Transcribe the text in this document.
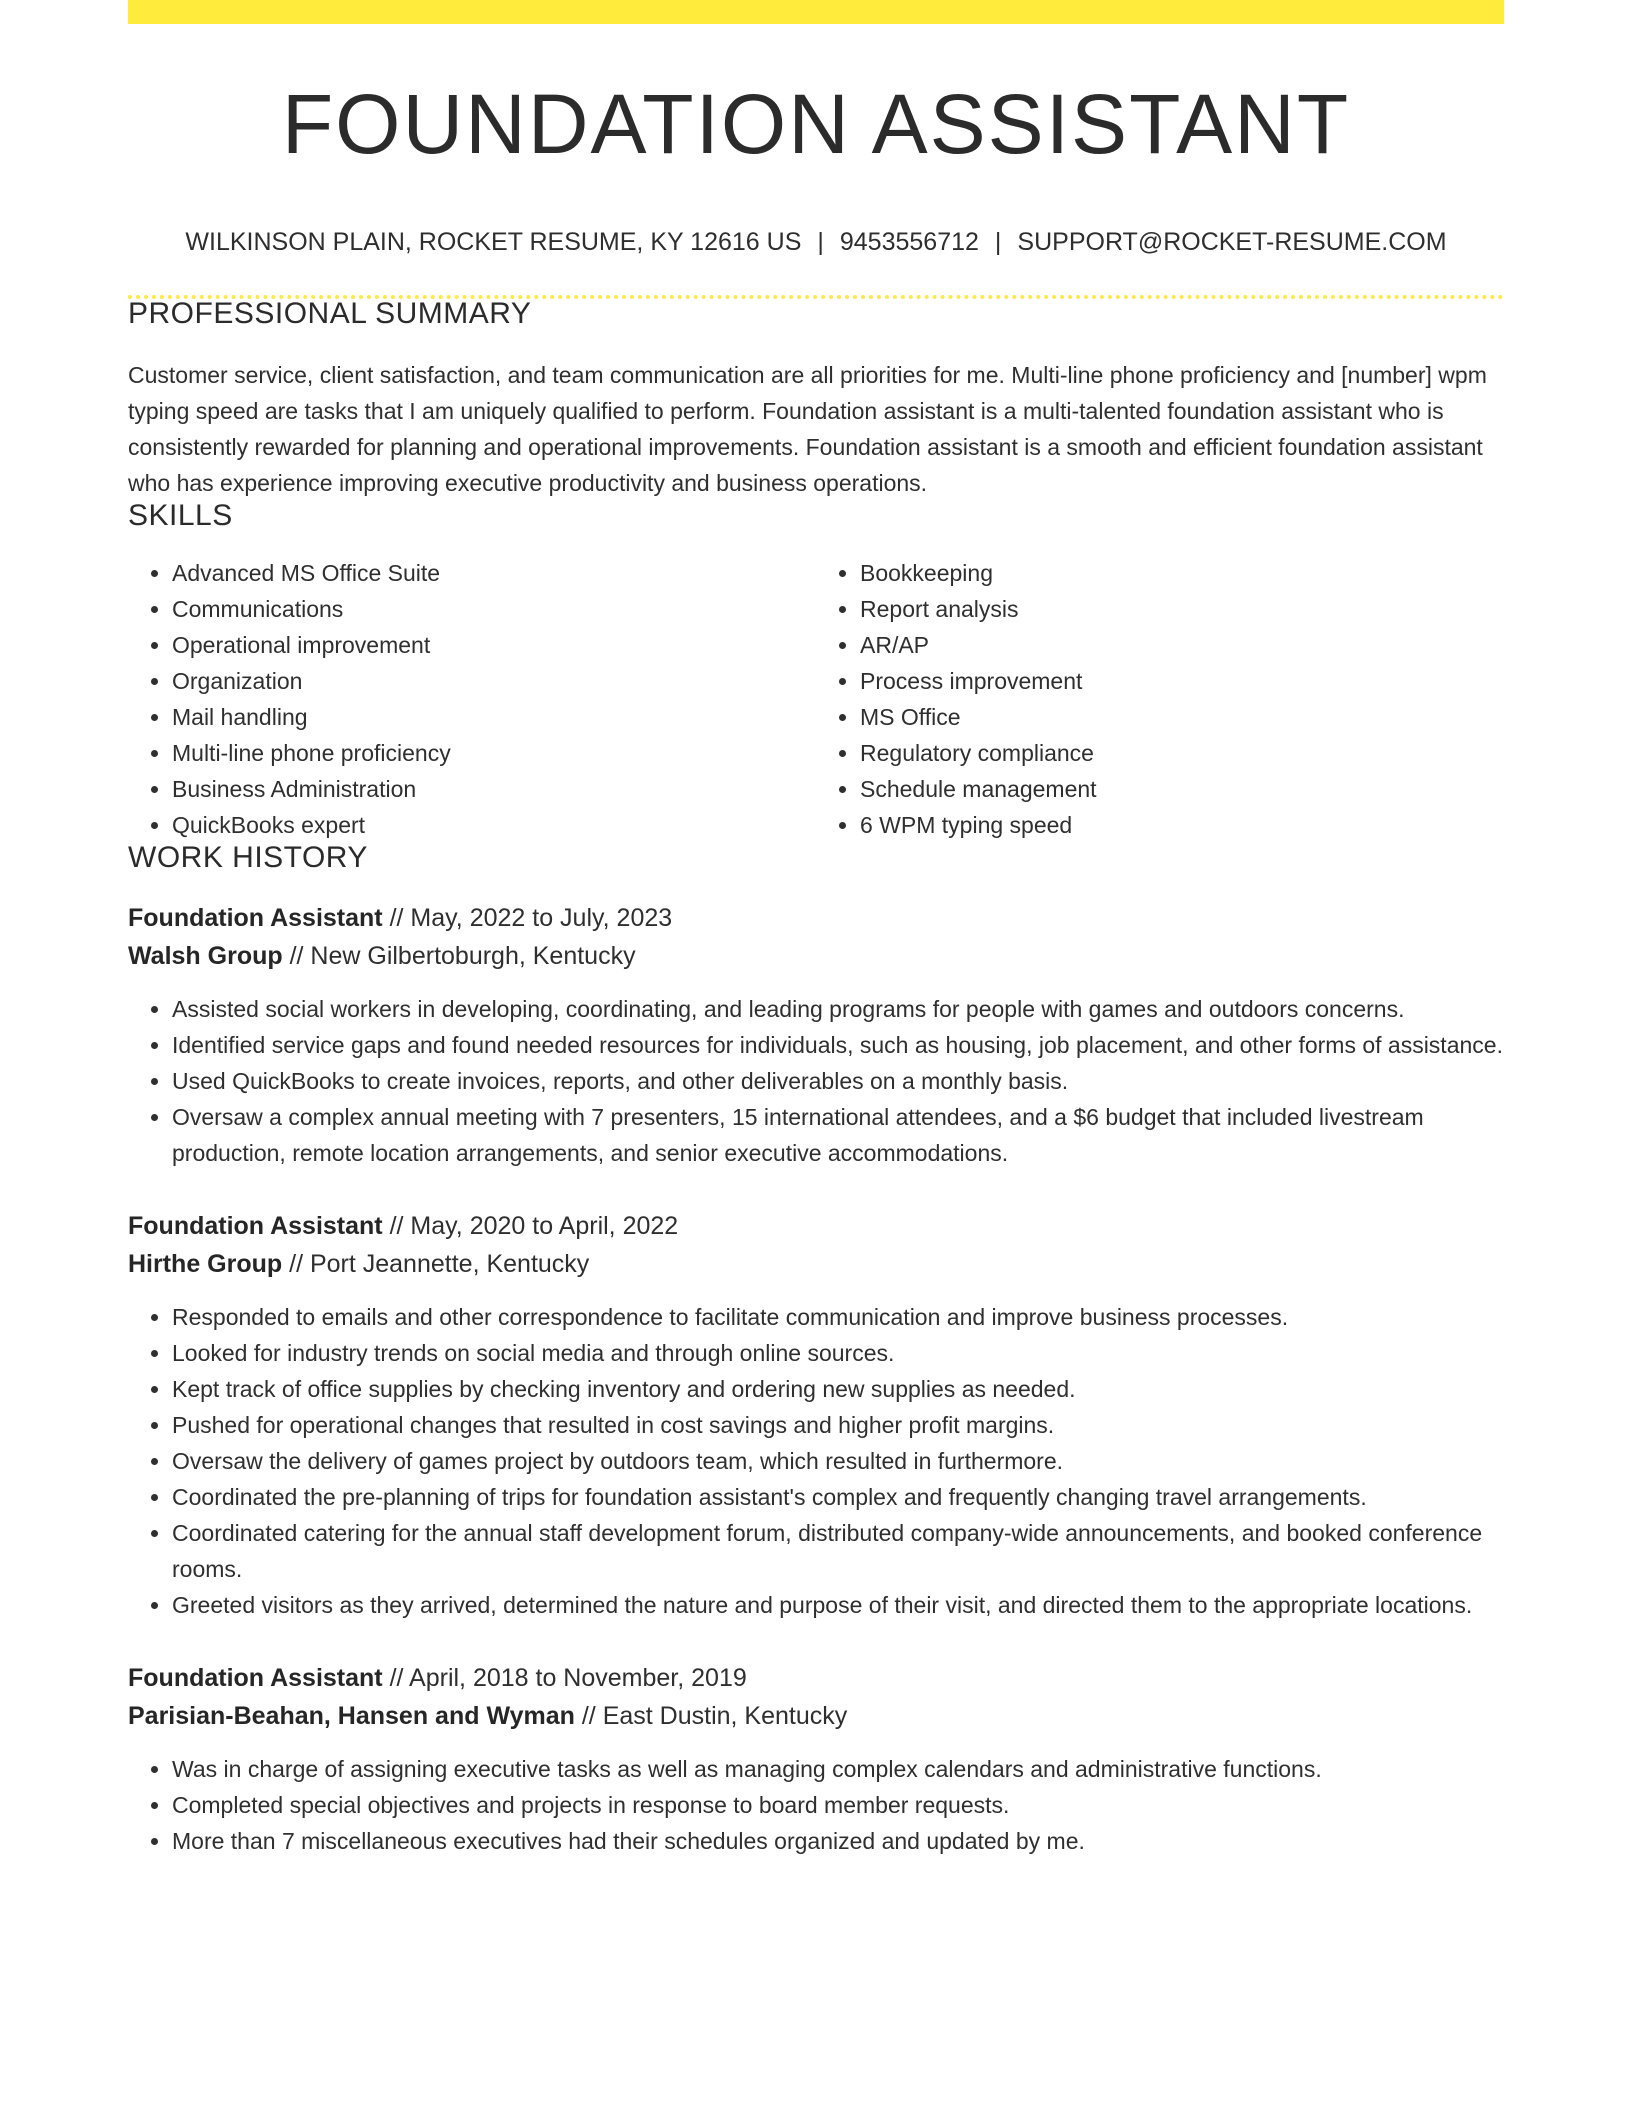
FOUNDATION ASSISTANT
WILKINSON PLAIN, ROCKET RESUME, KY 12616 US | 9453556712 | SUPPORT@ROCKET-RESUME.COM
PROFESSIONAL SUMMARY

Customer service, client satisfaction, and team communication are all priorities for me. Multi-line phone proficiency and [number] wpm typing speed are tasks that I am uniquely qualified to perform. Foundation assistant is a multi-talented foundation assistant who is consistently rewarded for planning and operational improvements. Foundation assistant is a smooth and efficient foundation assistant who has experience improving executive productivity and business operations.

SKILLS
• Advanced MS Office Suite
• Communications
• Operational improvement
• Organization
• Mail handling
• Multi-line phone proficiency
• Business Administration
• QuickBooks expert
• Bookkeeping
• Report analysis
• AR/AP
• Process improvement
• MS Office
• Regulatory compliance
• Schedule management
• 6 WPM typing speed
WORK HISTORY
Foundation Assistant // May, 2022 to July, 2023
Walsh Group // New Gilbertoburgh, Kentucky
• Assisted social workers in developing, coordinating, and leading programs for people with games and outdoors concerns.
• Identified service gaps and found needed resources for individuals, such as housing, job placement, and other forms of assistance.
• Used QuickBooks to create invoices, reports, and other deliverables on a monthly basis.
• Oversaw a complex annual meeting with 7 presenters, 15 international attendees, and a $6 budget that included livestream production, remote location arrangements, and senior executive accommodations.
Foundation Assistant // May, 2020 to April, 2022
Hirthe Group // Port Jeannette, Kentucky
• Responded to emails and other correspondence to facilitate communication and improve business processes.
• Looked for industry trends on social media and through online sources.
• Kept track of office supplies by checking inventory and ordering new supplies as needed.
• Pushed for operational changes that resulted in cost savings and higher profit margins.
• Oversaw the delivery of games project by outdoors team, which resulted in furthermore.
• Coordinated the pre-planning of trips for foundation assistant's complex and frequently changing travel arrangements.
• Coordinated catering for the annual staff development forum, distributed company-wide announcements, and booked conference rooms.
• Greeted visitors as they arrived, determined the nature and purpose of their visit, and directed them to the appropriate locations.
Foundation Assistant // April, 2018 to November, 2019
Parisian-Beahan, Hansen and Wyman // East Dustin, Kentucky
• Was in charge of assigning executive tasks as well as managing complex calendars and administrative functions.
• Completed special objectives and projects in response to board member requests.
• More than 7 miscellaneous executives had their schedules organized and updated by me.
